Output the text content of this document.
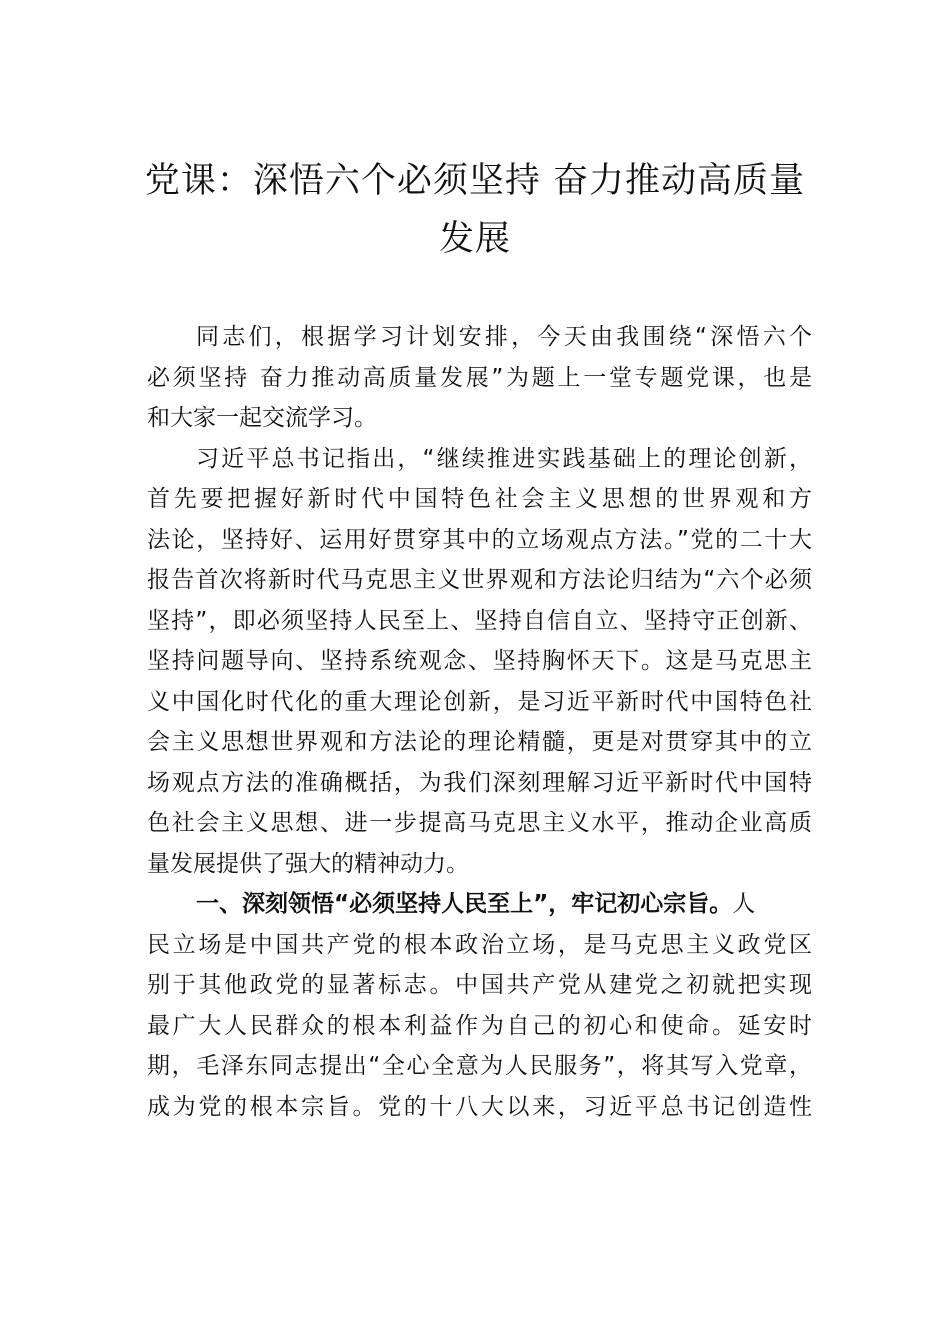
党课：深悟六个必须坚持 奋力推动高质量
发展
同志们，根据学习计划安排，今天由我围绕“深悟六个
必须坚持 奋力推动高质量发展”为题上一堂专题党课，也是
和大家一起交流学习。
习近平总书记指出，“继续推进实践基础上的理论创新，
首先要把握好新时代中国特色社会主义思想的世界观和方
法论，坚持好、运用好贯穿其中的立场观点方法。”党的二十大
报告首次将新时代马克思主义世界观和方法论归结为“六个必须
坚持”，即必须坚持人民至上、坚持自信自立、坚持守正创新、
坚持问题导向、坚持系统观念、坚持胸怀天下。这是马克思主
义中国化时代化的重大理论创新，是习近平新时代中国特色社
会主义思想世界观和方法论的理论精髓，更是对贯穿其中的立
场观点方法的准确概括，为我们深刻理解习近平新时代中国特
色社会主义思想、进一步提高马克思主义水平，推动企业高质
量发展提供了强大的精神动力。
一、深刻领悟“必须坚持人民至上”，牢记初心宗旨。人
民立场是中国共产党的根本政治立场，是马克思主义政党区
别于其他政党的显著标志。中国共产党从建党之初就把实现
最广大人民群众的根本利益作为自己的初心和使命。延安时
期，毛泽东同志提出“全心全意为人民服务”，将其写入党章，
成为党的根本宗旨。党的十八大以来，习近平总书记创造性
